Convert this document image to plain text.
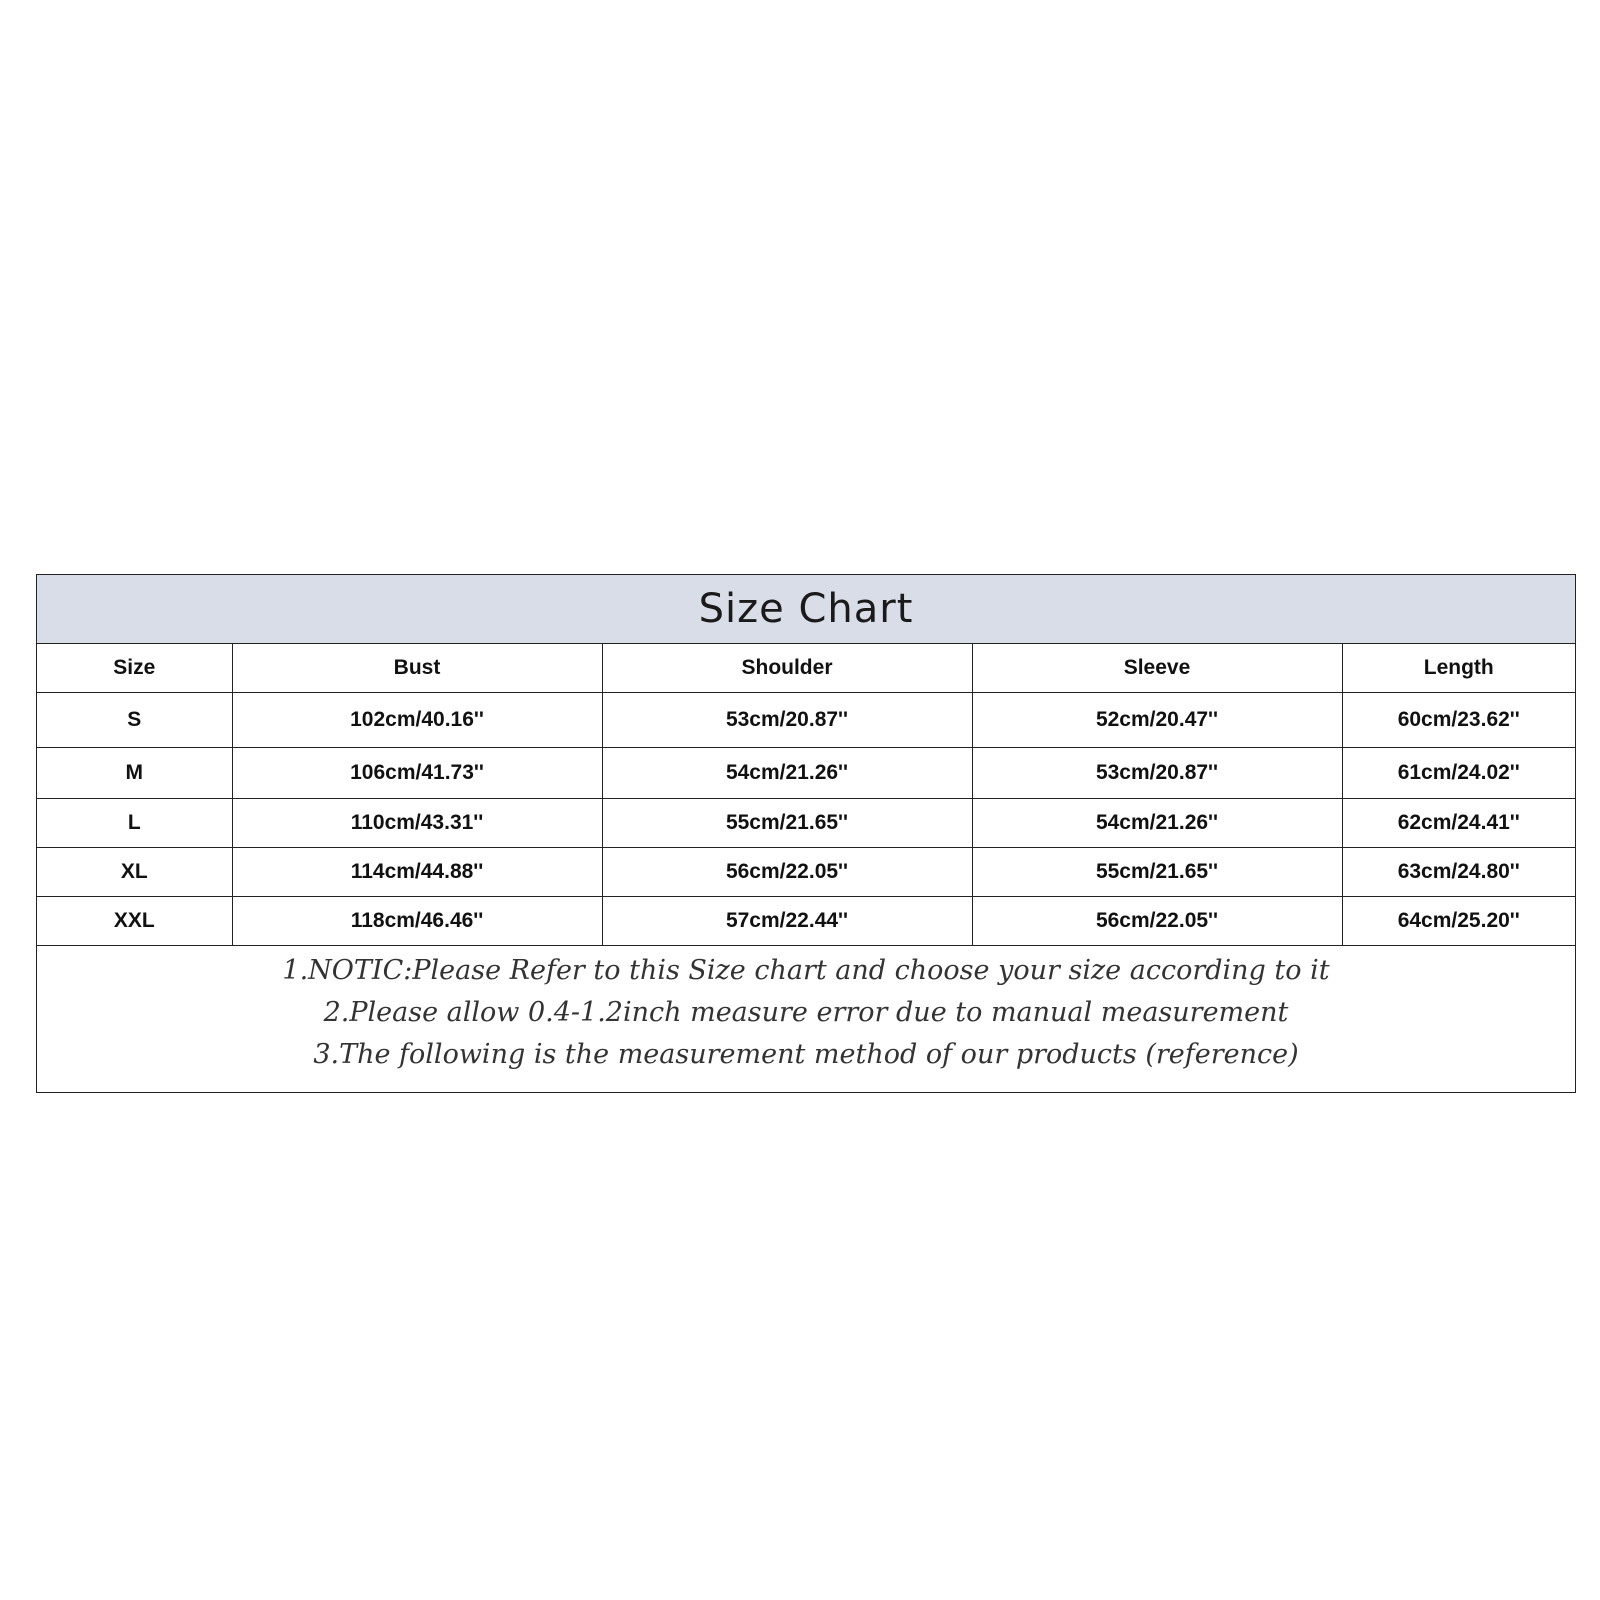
Size Chart
Size	Bust	Shoulder	Sleeve	Length
S	102cm/40.16''	53cm/20.87''	52cm/20.47''	60cm/23.62''
M	106cm/41.73''	54cm/21.26''	53cm/20.87''	61cm/24.02''
L	110cm/43.31''	55cm/21.65''	54cm/21.26''	62cm/24.41''
XL	114cm/44.88''	56cm/22.05''	55cm/21.65''	63cm/24.80''
XXL	118cm/46.46''	57cm/22.44''	56cm/22.05''	64cm/25.20''
1.NOTIC:Please Refer to this Size chart and choose your size according to it
2.Please allow 0.4-1.2inch measure error due to manual measurement
3.The following is the measurement method of our products (reference)
